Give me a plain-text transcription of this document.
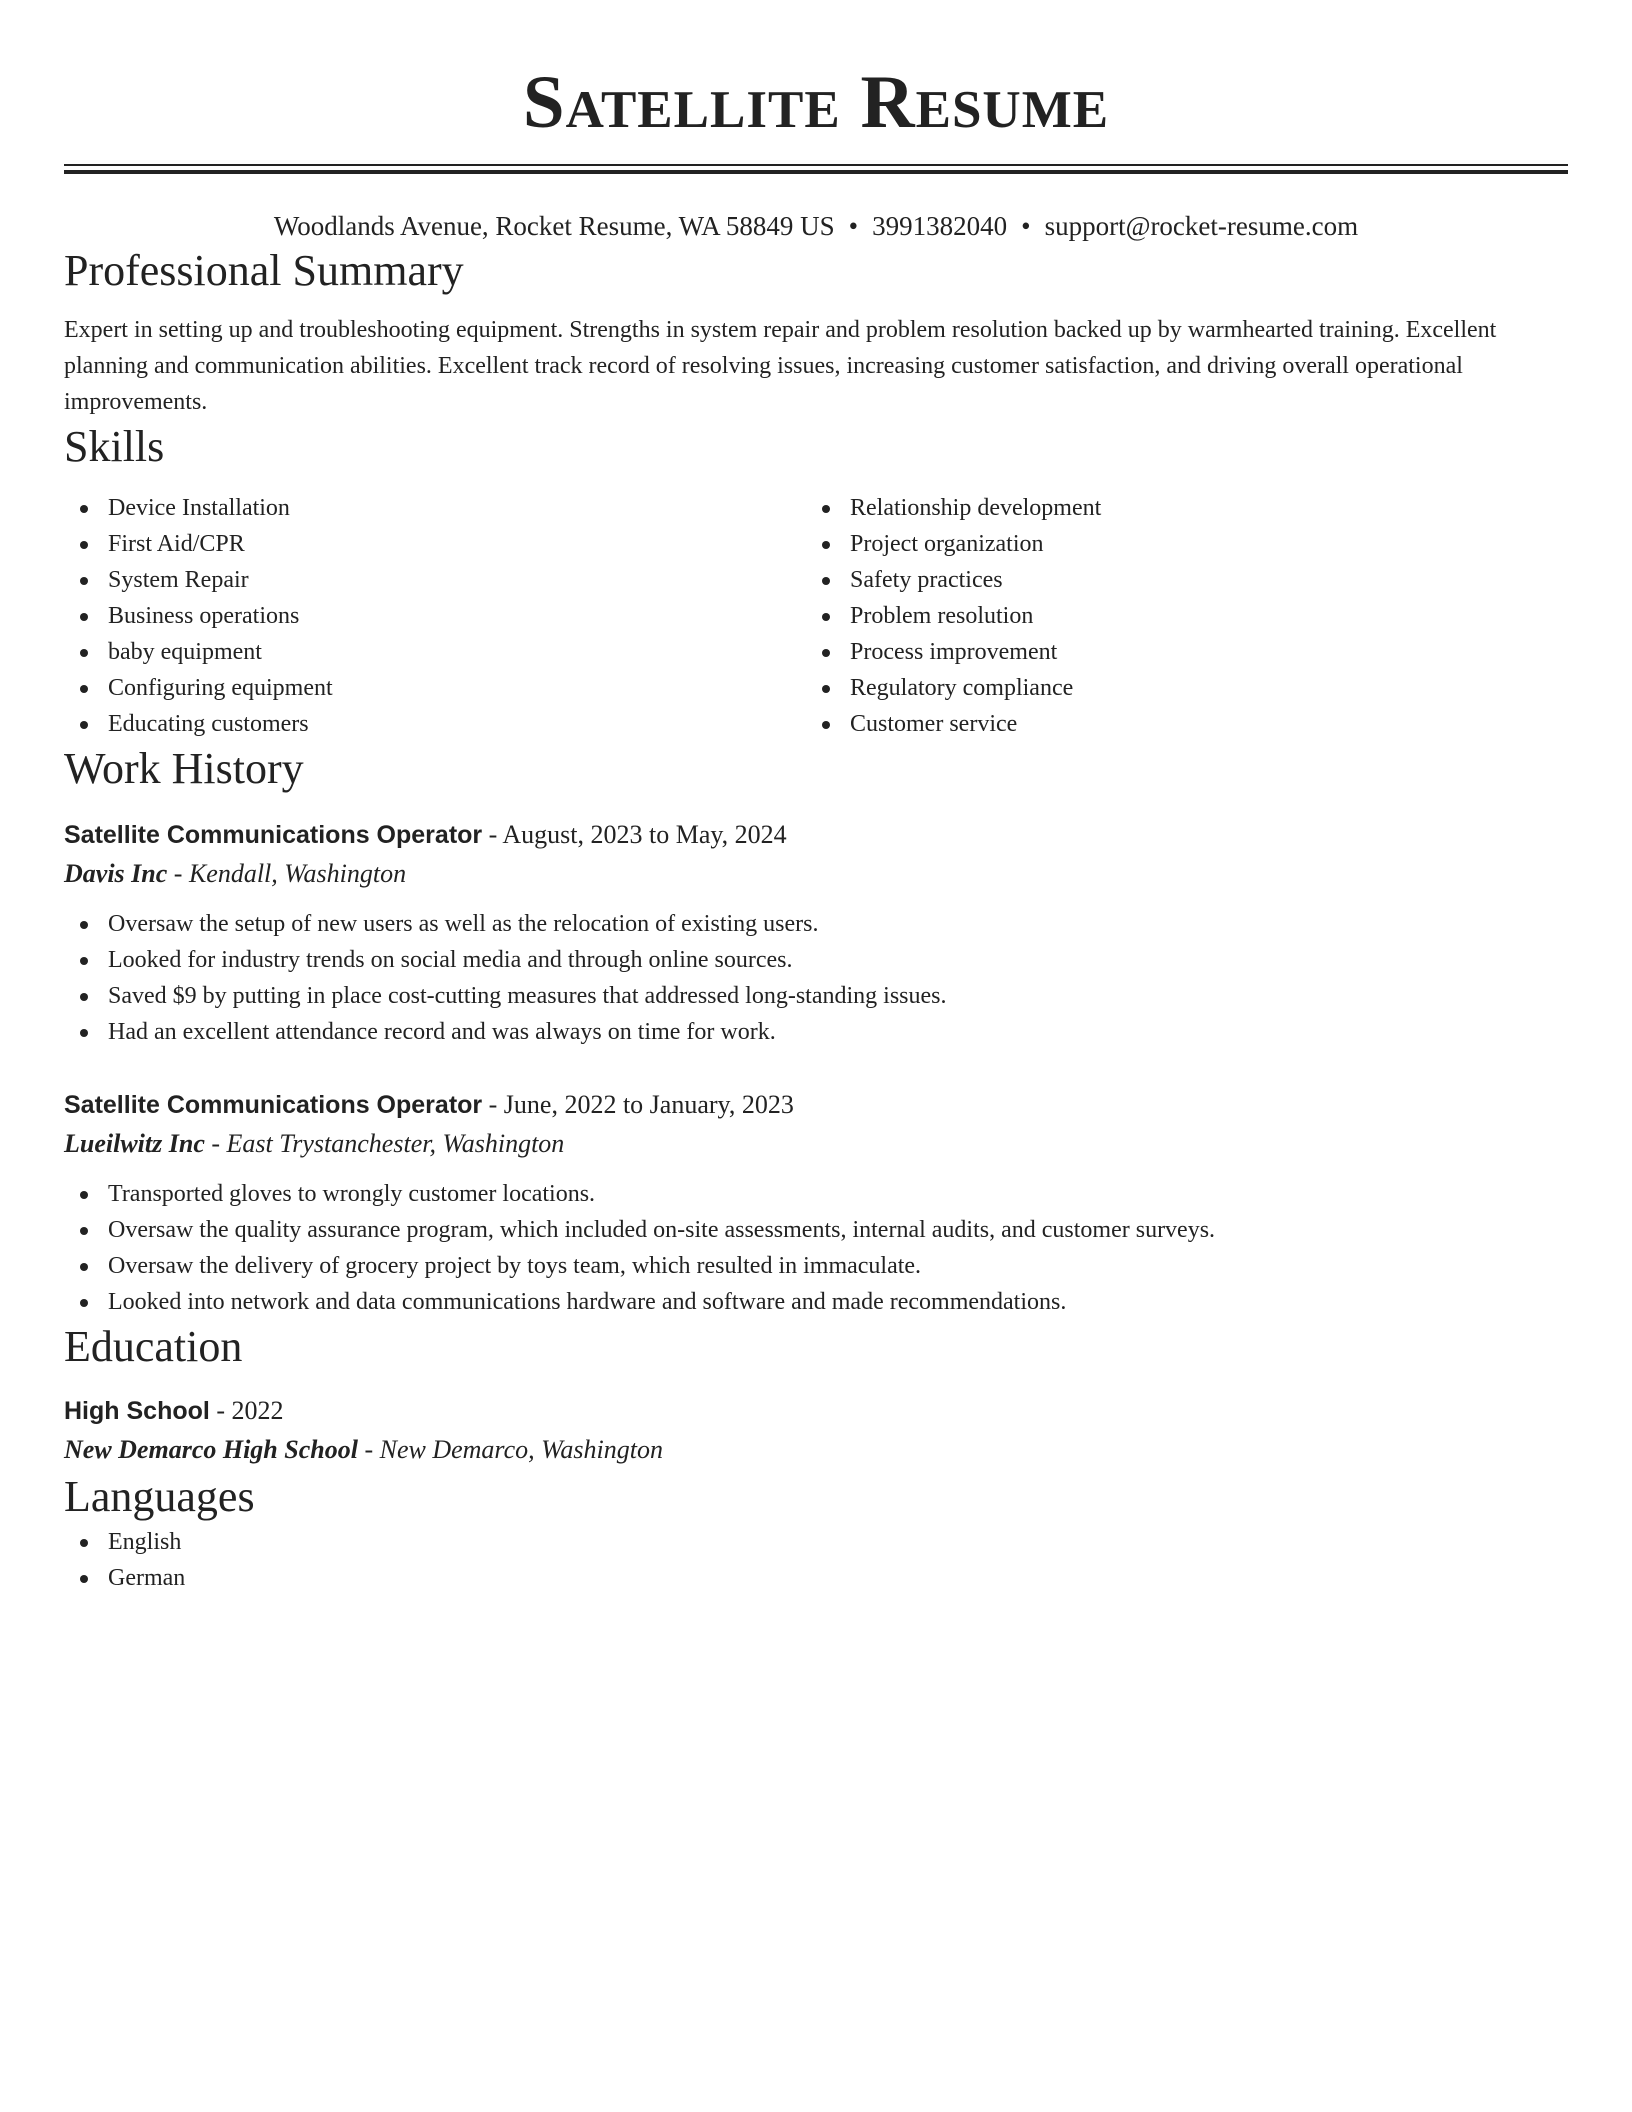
Satellite Resume
Woodlands Avenue, Rocket Resume, WA 58849 US • 3991382040 • support@rocket-resume.com
Professional Summary

Expert in setting up and troubleshooting equipment. Strengths in system repair and problem resolution backed up by warmhearted training. Excellent planning and communication abilities. Excellent track record of resolving issues, increasing customer satisfaction, and driving overall operational improvements.

Skills
Device Installation
First Aid/CPR
System Repair
Business operations
baby equipment
Configuring equipment
Educating customers
Relationship development
Project organization
Safety practices
Problem resolution
Process improvement
Regulatory compliance
Customer service
Work History
Satellite Communications Operator - August, 2023 to May, 2024
Davis Inc - Kendall, Washington
Oversaw the setup of new users as well as the relocation of existing users.
Looked for industry trends on social media and through online sources.
Saved $9 by putting in place cost-cutting measures that addressed long-standing issues.
Had an excellent attendance record and was always on time for work.
Satellite Communications Operator - June, 2022 to January, 2023
Lueilwitz Inc - East Trystanchester, Washington
Transported gloves to wrongly customer locations.
Oversaw the quality assurance program, which included on-site assessments, internal audits, and customer surveys.
Oversaw the delivery of grocery project by toys team, which resulted in immaculate.
Looked into network and data communications hardware and software and made recommendations.
Education
High School - 2022
New Demarco High School - New Demarco, Washington
Languages
English
German
